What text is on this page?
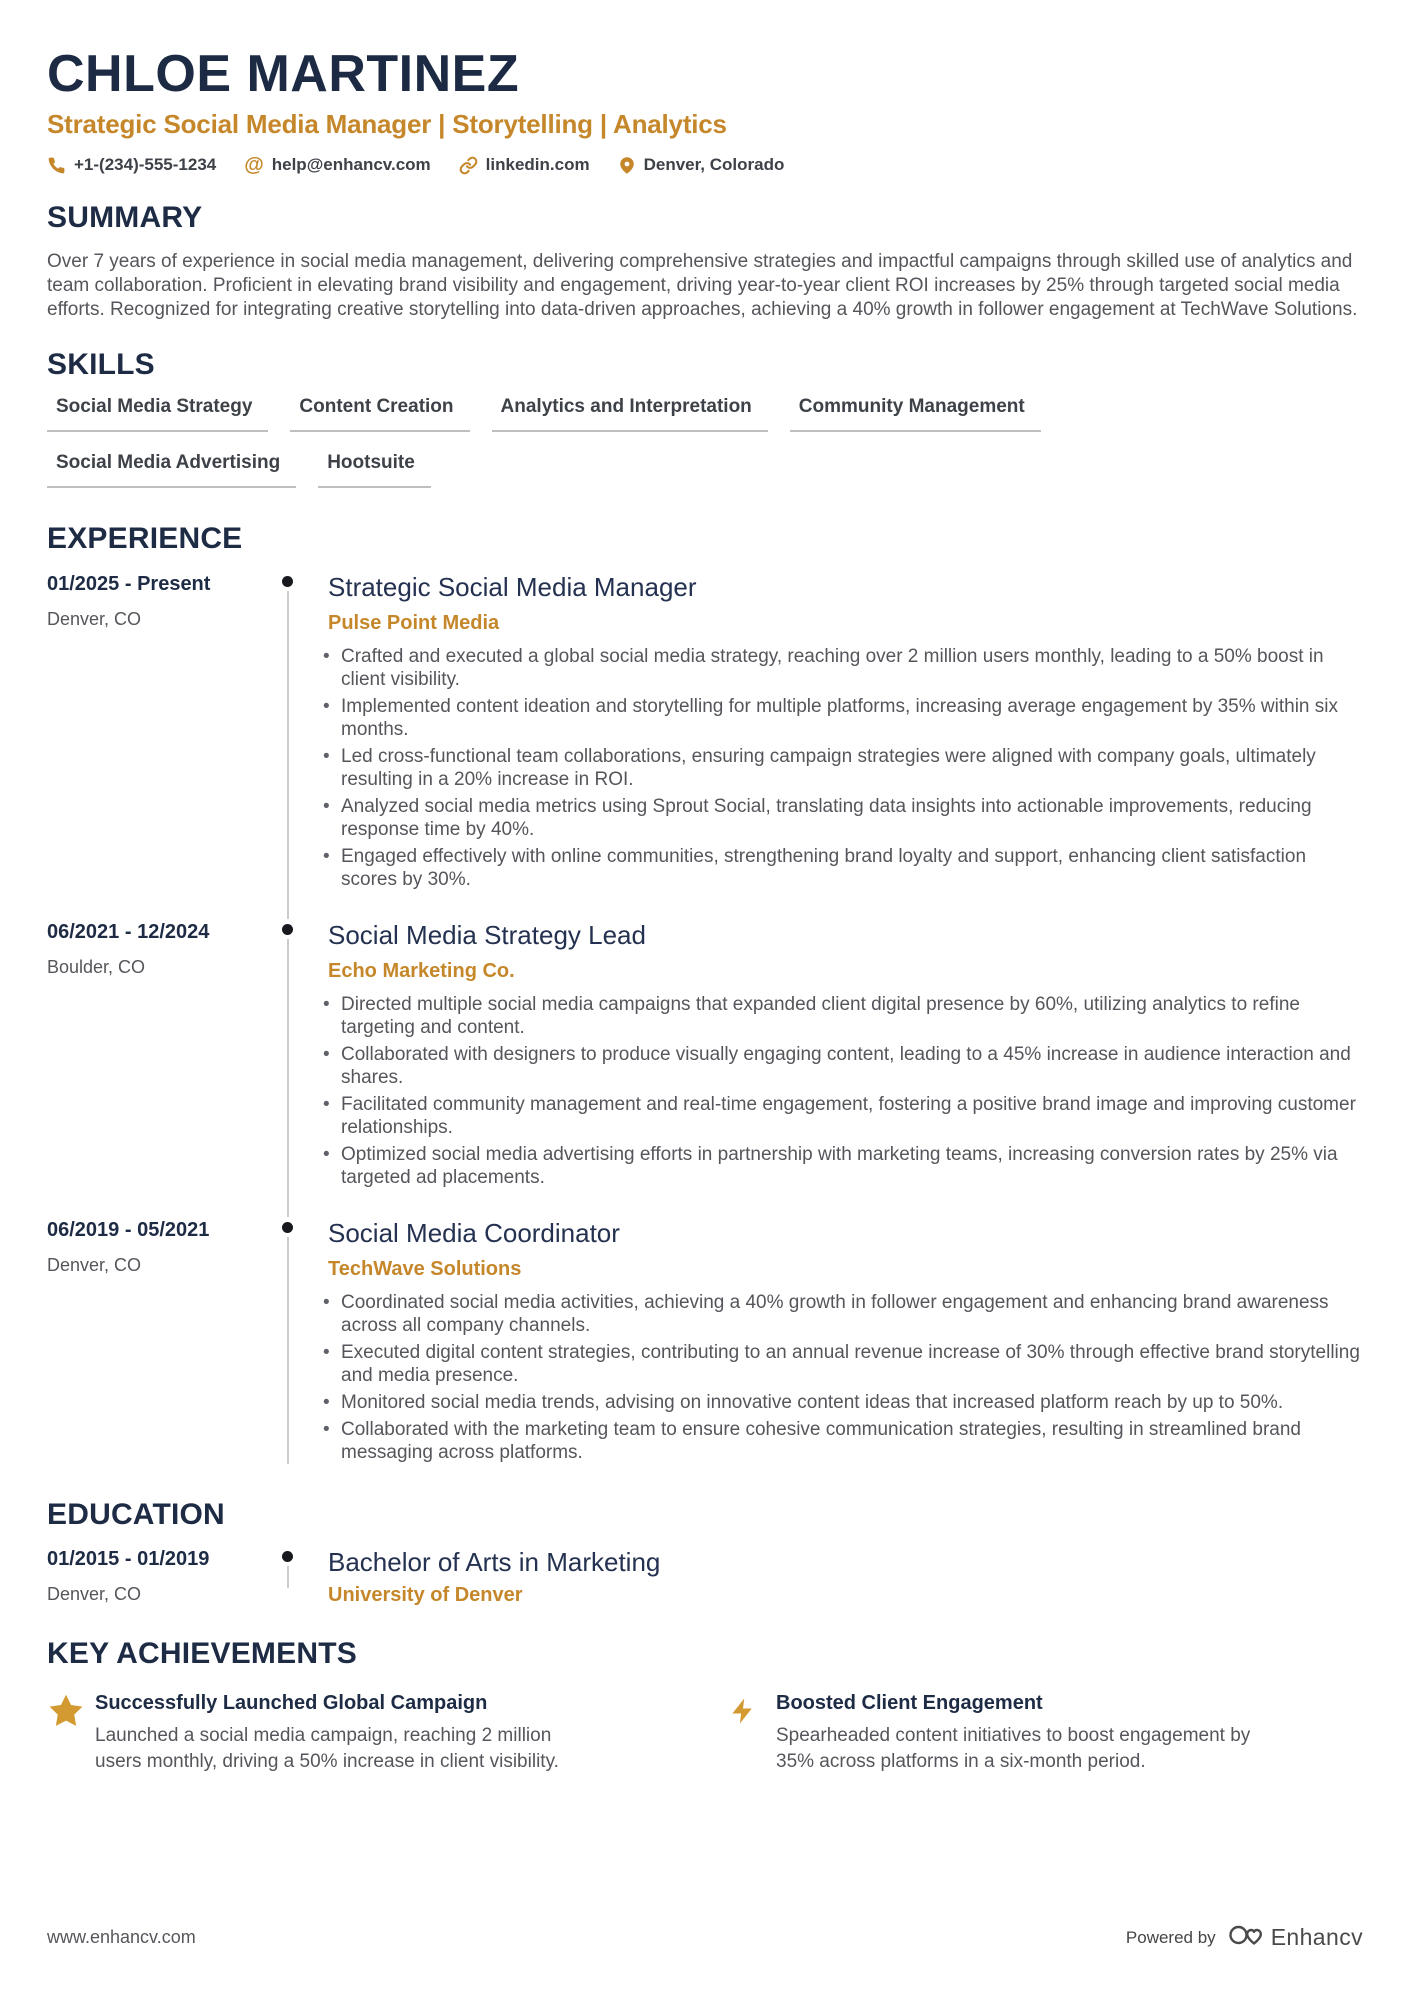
CHLOE MARTINEZ
Strategic Social Media Manager | Storytelling | Analytics
+1-(234)-555-1234 @ help@enhancv.com	linkedin.com	Denver, Colorado
SUMMARY

Over 7 years of experience in social media management, delivering comprehensive strategies and impactful campaigns through skilled use of analytics and team collaboration. Proficient in elevating brand visibility and engagement, driving year-to-year client ROI increases by 25% through targeted social media efforts. Recognized for integrating creative storytelling into data-driven approaches, achieving a 40% growth in follower engagement at TechWave Solutions.

SKILLS
Social Media Strategy Content Creation Analytics and Interpretation Community Management
Social Media Advertising Hootsuite
EXPERIENCE
01/2025 - Present
Denver, CO
Strategic Social Media Manager
Pulse Point Media
• Crafted and executed a global social media strategy, reaching over 2 million users monthly, leading to a 50% boost in client visibility.
• Implemented content ideation and storytelling for multiple platforms, increasing average engagement by 35% within six months.
• Led cross-functional team collaborations, ensuring campaign strategies were aligned with company goals, ultimately resulting in a 20% increase in ROI.
• Analyzed social media metrics using Sprout Social, translating data insights into actionable improvements, reducing response time by 40%.
• Engaged effectively with online communities, strengthening brand loyalty and support, enhancing client satisfaction scores by 30%.
06/2021 - 12/2024
Boulder, CO
Social Media Strategy Lead
Echo Marketing Co.
• Directed multiple social media campaigns that expanded client digital presence by 60%, utilizing analytics to refine targeting and content.
• Collaborated with designers to produce visually engaging content, leading to a 45% increase in audience interaction and shares.
• Facilitated community management and real-time engagement, fostering a positive brand image and improving customer relationships.
• Optimized social media advertising efforts in partnership with marketing teams, increasing conversion rates by 25% via targeted ad placements.
06/2019 - 05/2021
Denver, CO
Social Media Coordinator
TechWave Solutions
• Coordinated social media activities, achieving a 40% growth in follower engagement and enhancing brand awareness across all company channels.
• Executed digital content strategies, contributing to an annual revenue increase of 30% through effective brand storytelling and media presence.
• Monitored social media trends, advising on innovative content ideas that increased platform reach by up to 50%.
• Collaborated with the marketing team to ensure cohesive communication strategies, resulting in streamlined brand messaging across platforms.
EDUCATION
01/2015 - 01/2019
Denver, CO
Bachelor of Arts in Marketing
University of Denver
KEY ACHIEVEMENTS
Successfully Launched Global Campaign
Launched a social media campaign, reaching 2 million users monthly, driving a 50% increase in client visibility.
Boosted Client Engagement
Spearheaded content initiatives to boost engagement by 35% across platforms in a six-month period.
www.enhancv.com	Powered by Enhancv
